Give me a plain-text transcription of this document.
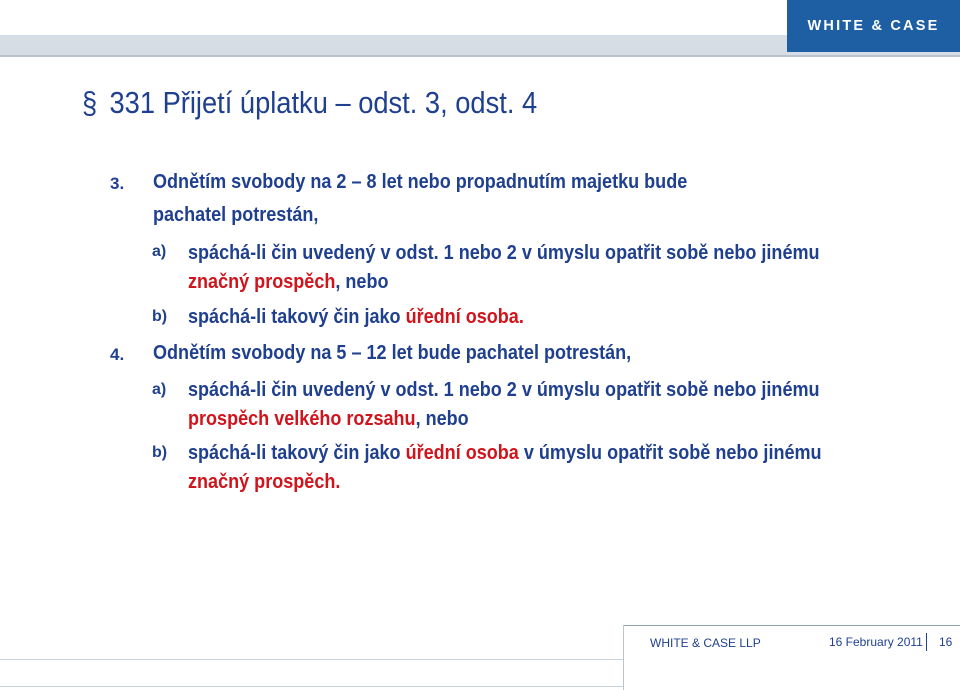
WHITE & CASE
§ 331 Přijetí úplatku – odst. 3, odst. 4
3. Odnětím svobody na 2 – 8 let nebo propadnutím majetku bude
pachatel potrestán,
a) spáchá-li čin uvedený v odst. 1 nebo 2 v úmyslu opatřit sobě nebo jinému
značný prospěch, nebo
b) spáchá-li takový čin jako úřední osoba.
4. Odnětím svobody na 5 – 12 let bude pachatel potrestán,
a) spáchá-li čin uvedený v odst. 1 nebo 2 v úmyslu opatřit sobě nebo jinému
prospěch velkého rozsahu, nebo
b) spáchá-li takový čin jako úřední osoba v úmyslu opatřit sobě nebo jinému
značný prospěch.
WHITE & CASE LLP	16 February 2011 16
